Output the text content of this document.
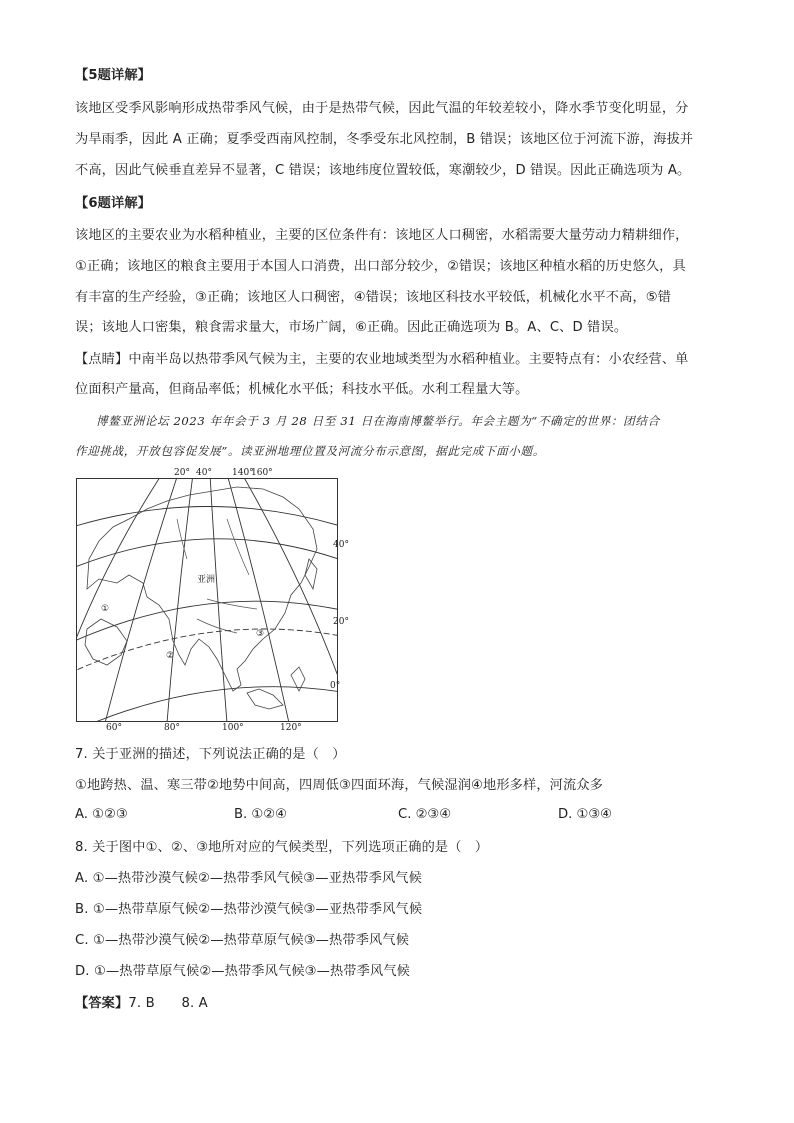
【5题详解】
该地区受季风影响形成热带季风气候，由于是热带气候，因此气温的年较差较小，降水季节变化明显，分
为旱雨季，因此 A 正确；夏季受西南风控制，冬季受东北风控制，B 错误；该地区位于河流下游，海拔并
不高，因此气候垂直差异不显著，C 错误；该地纬度位置较低，寒潮较少，D 错误。因此正确选项为 A。
【6题详解】
该地区的主要农业为水稻种植业，主要的区位条件有：该地区人口稠密，水稻需要大量劳动力精耕细作，
①正确；该地区的粮食主要用于本国人口消费，出口部分较少，②错误；该地区种植水稻的历史悠久，具
有丰富的生产经验，③正确；该地区人口稠密，④错误；该地区科技水平较低，机械化水平不高，⑤错
误；该地人口密集，粮食需求量大，市场广阔，⑥正确。因此正确选项为 B。A、C、D 错误。
【点睛】中南半岛以热带季风气候为主，主要的农业地域类型为水稻种植业。主要特点有：小农经营、单
位面积产量高，但商品率低；机械化水平低；科技水平低。水利工程量大等。
博鳌亚洲论坛 2023 年年会于 3 月 28 日至 31 日在海南博鳌举行。年会主题为“不确定的世界：团结合
作迎挑战，开放包容促发展”。读亚洲地理位置及河流分布示意图，据此完成下面小题。
20° 40° 140°
160°
亚洲
①
②
③
40°
20°
0°
60°	80°	100°	120°
7. 关于亚洲的描述，下列说法正确的是（　）
①地跨热、温、寒三带②地势中间高，四周低③四面环海，气候湿润④地形多样，河流众多
A. ①②③	B. ①②④	C. ②③④	D. ①③④
8. 关于图中①、②、③地所对应的气候类型，下列选项正确的是（　）
A. ①—热带沙漠气候②—热带季风气候③—亚热带季风气候
B. ①—热带草原气候②—热带沙漠气候③—亚热带季风气候
C. ①—热带沙漠气候②—热带草原气候③—热带季风气候
D. ①—热带草原气候②—热带季风气候③—热带季风气候
【答案】7. B　　8. A
